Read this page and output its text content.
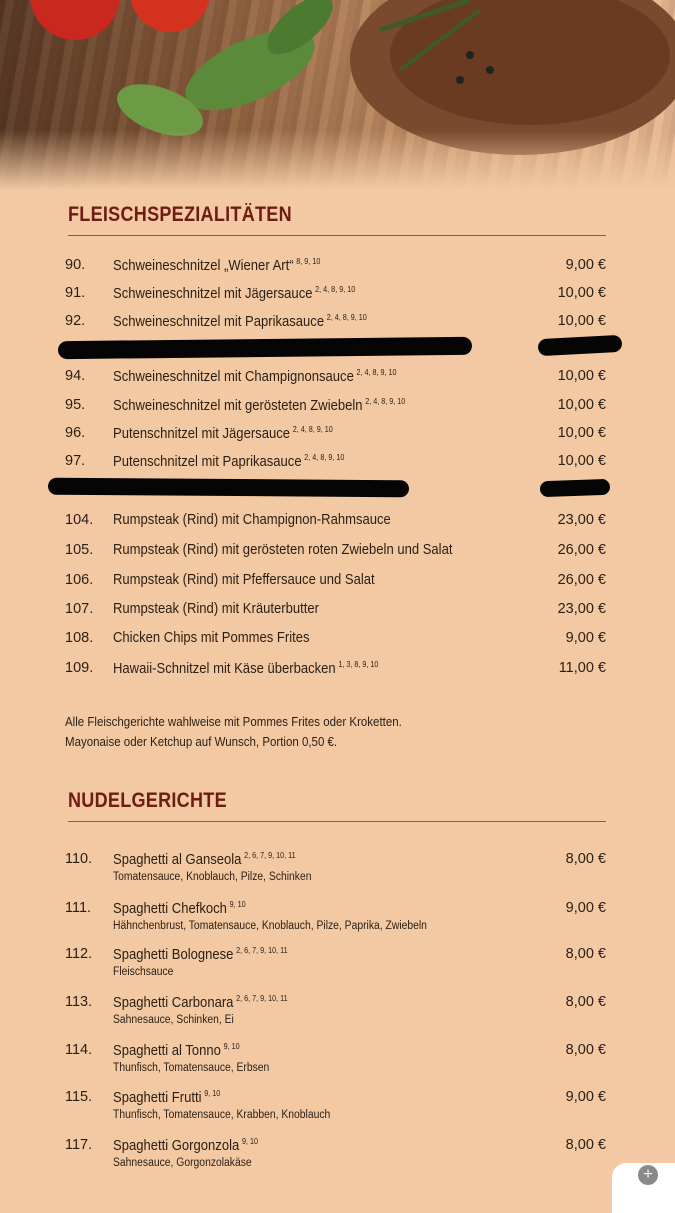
FLEISCHSPEZIALITÄTEN
90. Schweineschnitzel „Wiener Art“ $^{8, 9, 10}$	9,00 €
91. Schweineschnitzel mit Jägersauce $^{2, 4, 8, 9, 10}$	10,00 €
92. Schweineschnitzel mit Paprikasauce $^{2, 4, 8, 9, 10}$	10,00 €
94. Schweineschnitzel mit Champignonsauce $^{2, 4, 8, 9, 10}$	10,00 €
95. Schweineschnitzel mit gerösteten Zwiebeln $^{2, 4, 8, 9, 10}$	10,00 €
96. Putenschnitzel mit Jägersauce $^{2, 4, 8, 9, 10}$	10,00 €
97. Putenschnitzel mit Paprikasauce $^{2, 4, 8, 9, 10}$	10,00 €
104. Rumpsteak (Rind) mit Champignon-Rahmsauce	23,00 €
105. Rumpsteak (Rind) mit gerösteten roten Zwiebeln und Salat	26,00 €
106. Rumpsteak (Rind) mit Pfeffersauce und Salat	26,00 €
107. Rumpsteak (Rind) mit Kräuterbutter	23,00 €
108. Chicken Chips mit Pommes Frites	9,00 €
109. Hawaii-Schnitzel mit Käse überbacken $^{1, 3, 8, 9, 10}$	11,00 €
Alle Fleischgerichte wahlweise mit Pommes Frites oder Kroketten.
Mayonaise oder Ketchup auf Wunsch, Portion 0,50 €.
NUDELGERICHTE
110. Spaghetti al Ganseola $^{2, 6, 7, 9, 10, 11}$	8,00 €
Tomatensauce, Knoblauch, Pilze, Schinken
111. Spaghetti Chefkoch $^{9, 10}$	9,00 €
Hähnchenbrust, Tomatensauce, Knoblauch, Pilze, Paprika, Zwiebeln
112. Spaghetti Bolognese $^{2, 6, 7, 9, 10, 11}$	8,00 €
Fleischsauce
113. Spaghetti Carbonara $^{2, 6, 7, 9, 10, 11}$	8,00 €
Sahnesauce, Schinken, Ei
114. Spaghetti al Tonno $^{9, 10}$	8,00 €
Thunfisch, Tomatensauce, Erbsen
115. Spaghetti Frutti $^{9, 10}$	9,00 €
Thunfisch, Tomatensauce, Krabben, Knoblauch
117. Spaghetti Gorgonzola $^{9, 10}$	8,00 €
Sahnesauce, Gorgonzolakäse
+
